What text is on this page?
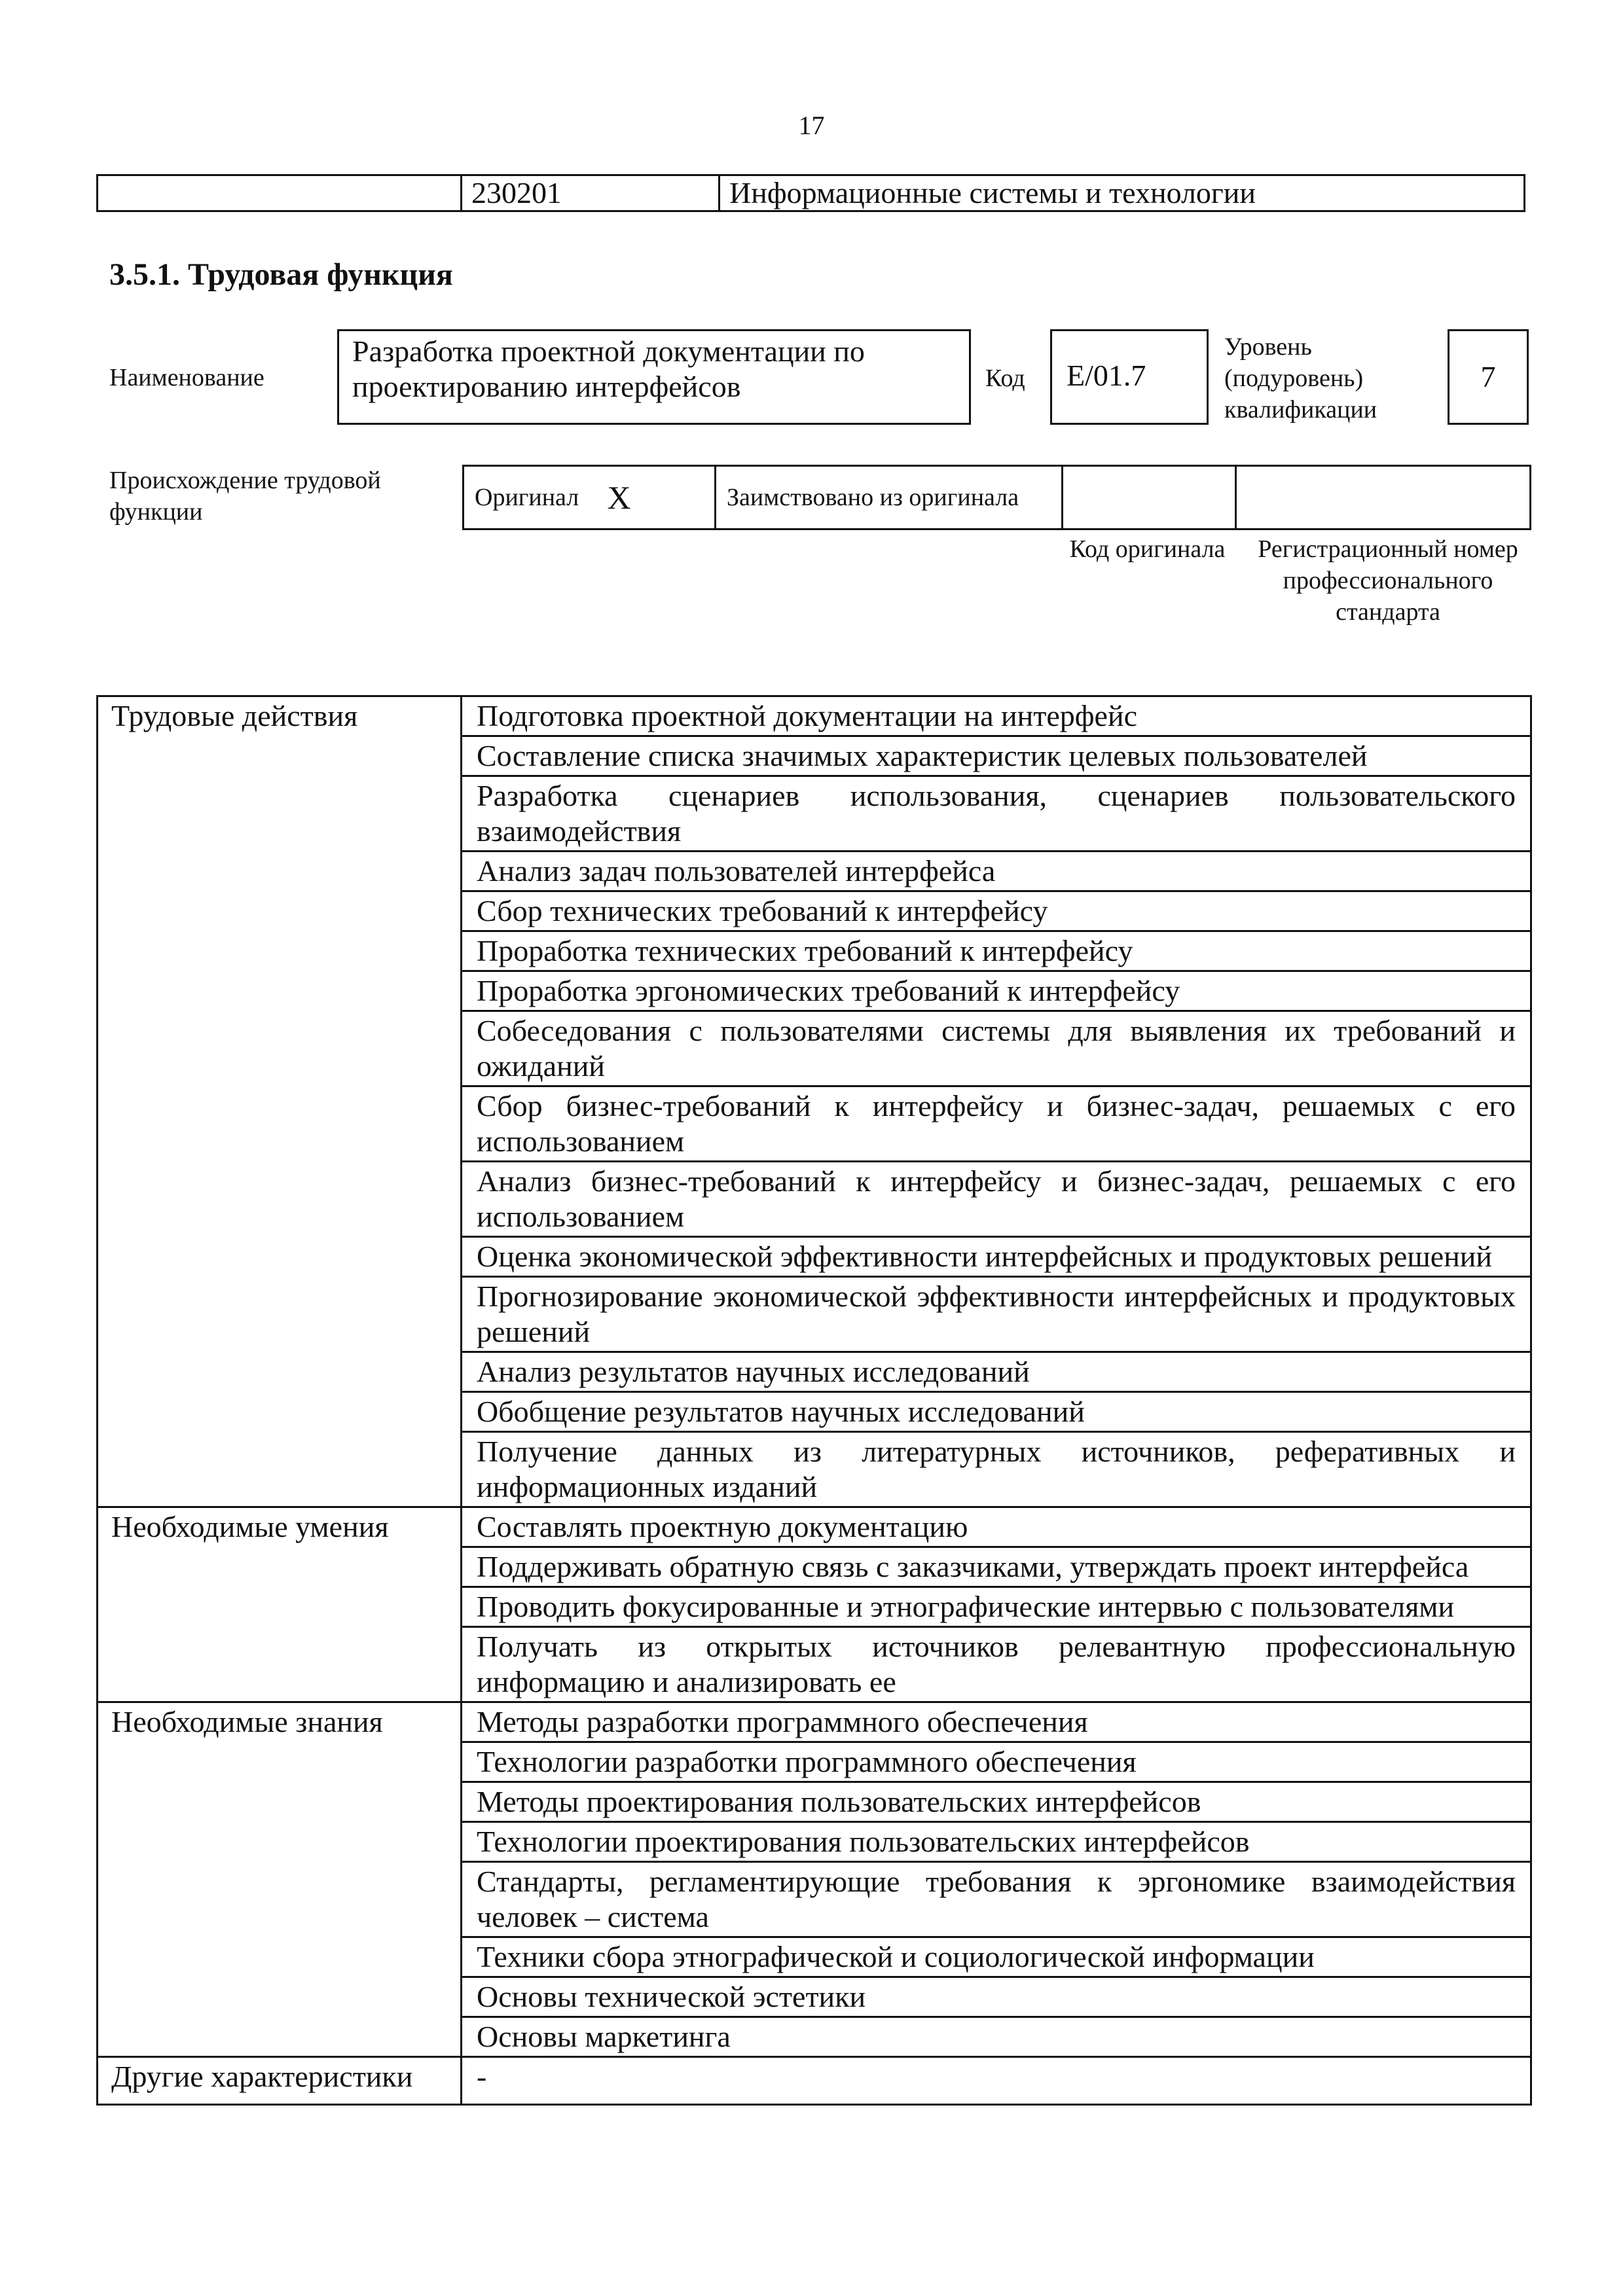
17
	230201	Информационные системы и технологии
3.5.1. Трудовая функция
Наименование
Разработка проектной документации по проектированию интерфейсов	Код	E/01.7
Уровень (подуровень) квалификации
7
Происхождение трудовой функции
Оригинал	X	Заимствовано из оригинала		
Код оригинала	Регистрационный номер профессионального стандарта
Трудовые действия	Подготовка проектной документации на интерфейс
	Составление списка значимых характеристик целевых пользователей
	Разработка сценариев использования, сценариев пользовательского взаимодействия
	Анализ задач пользователей интерфейса
	Сбор технических требований к интерфейсу
	Проработка технических требований к интерфейсу
	Проработка эргономических требований к интерфейсу
	Собеседования с пользователями системы для выявления их требований и ожиданий
	Сбор бизнес-требований к интерфейсу и бизнес-задач, решаемых с его использованием
	Анализ бизнес-требований к интерфейсу и бизнес-задач, решаемых с его использованием
	Оценка экономической эффективности интерфейсных и продуктовых решений
	Прогнозирование экономической эффективности интерфейсных и продуктовых решений
	Анализ результатов научных исследований
	Обобщение результатов научных исследований
	Получение данных из литературных источников, реферативных и информационных изданий
Необходимые умения	Составлять проектную документацию
	Поддерживать обратную связь с заказчиками, утверждать проект интерфейса
	Проводить фокусированные и этнографические интервью с пользователями
	Получать из открытых источников релевантную профессиональную информацию и анализировать ее
Необходимые знания	Методы разработки программного обеспечения
	Технологии разработки программного обеспечения
	Методы проектирования пользовательских интерфейсов
	Технологии проектирования пользовательских интерфейсов
	Стандарты, регламентирующие требования к эргономике взаимодействия человек – система
	Техники сбора этнографической и социологической информации
	Основы технической эстетики
	Основы маркетинга
Другие характеристики	-
